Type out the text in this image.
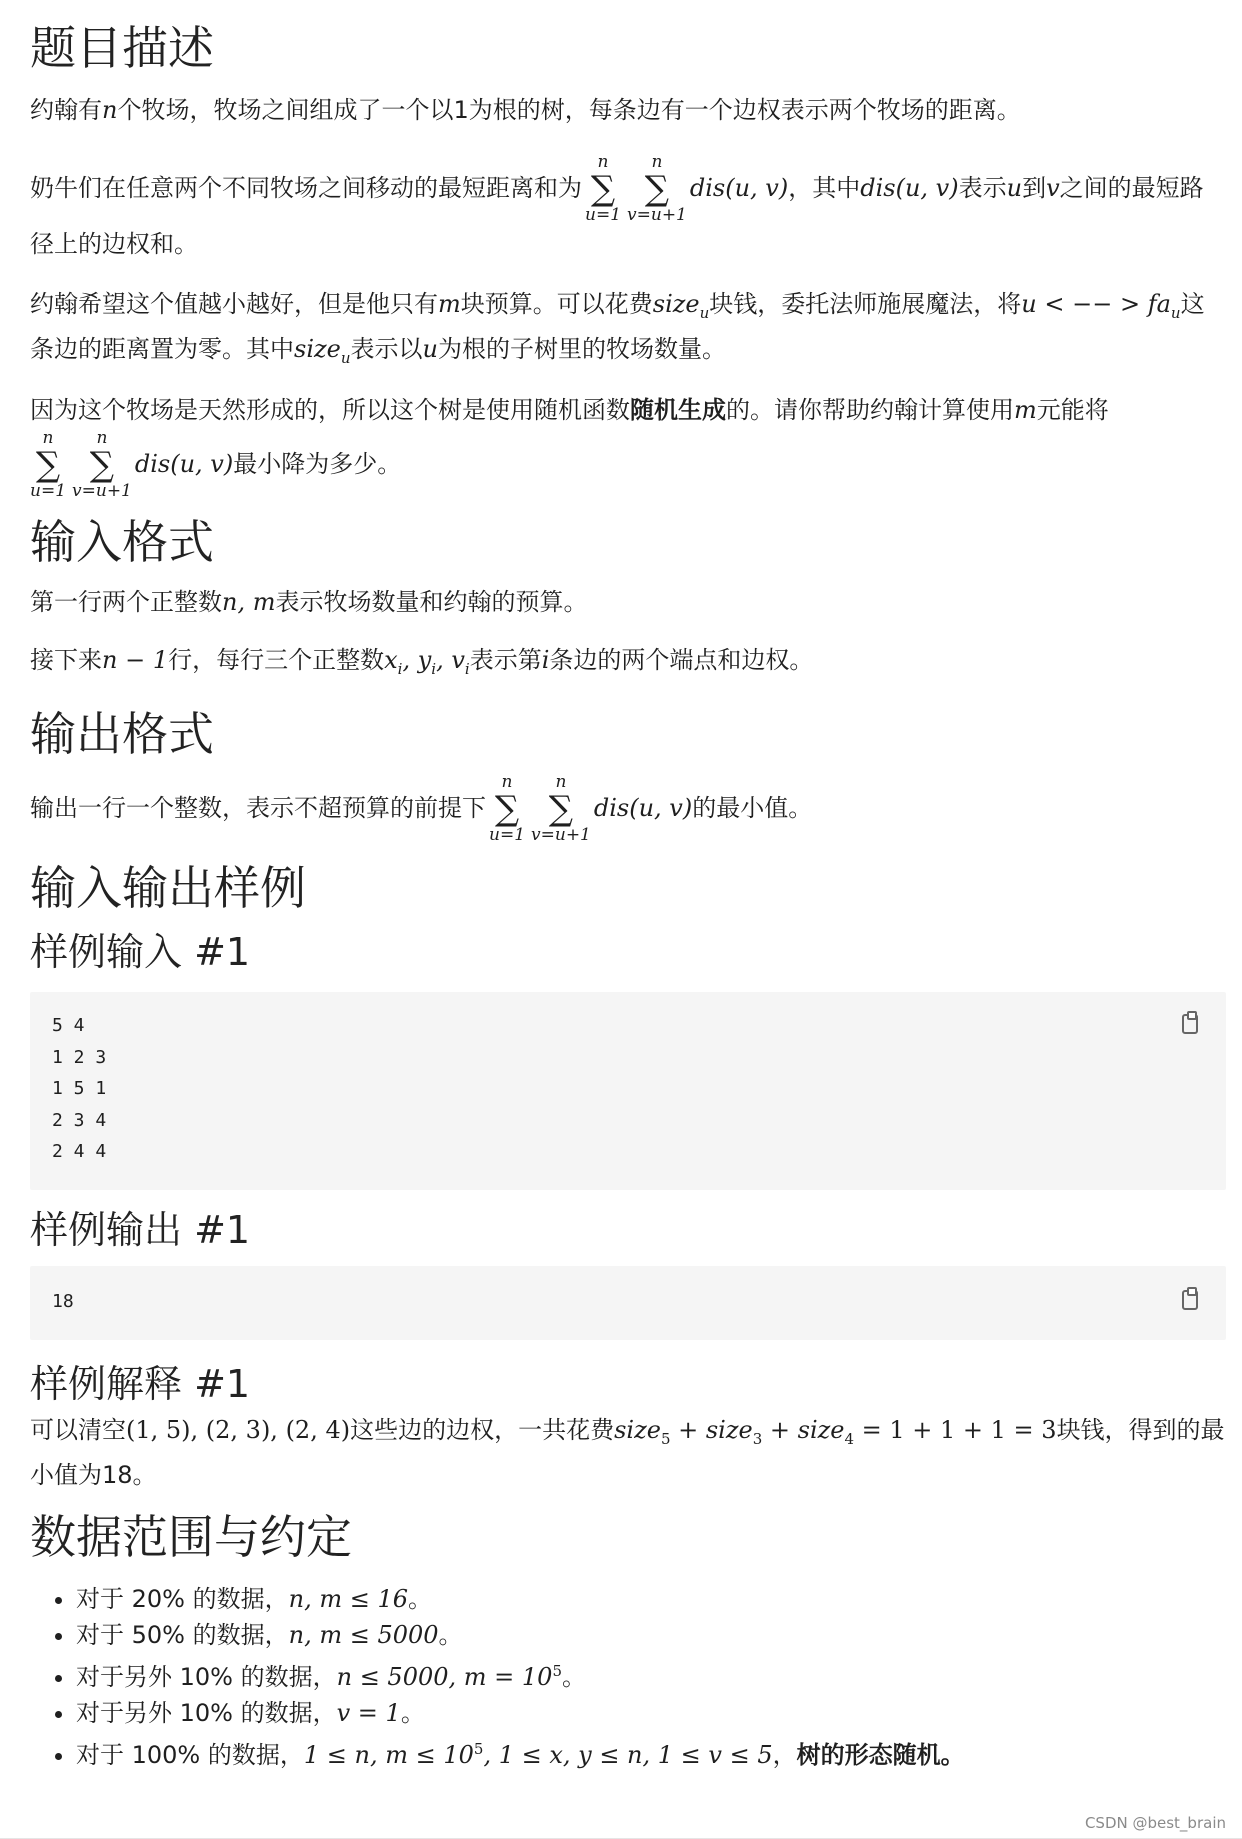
题目描述

约翰有n个牧场，牧场之间组成了一个以1为根的树，每条边有一个边权表示两个牧场的距离。

奶牛们在任意两个不同牧场之间移动的最短距离和为
n
∑
u=1
n
∑
v=u+1
dis(u, v)，其中dis(u, v)表示u到v之间的最短路径上的边权和。

约翰希望这个值越小越好，但是他只有m块预算。可以花费size$_u$块钱，委托法师施展魔法，将u < −− > $fa_u$这条边的距离置为零。其中size$_u$表示以u为根的子树里的牧场数量。

因为这个牧场是天然形成的，所以这个树是使用随机函数随机生成的。请你帮助约翰计算使用m元能将

n
∑
u=1
n
∑
v=u+1
dis(u, v)最小降为多少。

输入格式

第一行两个正整数n, m表示牧场数量和约翰的预算。

接下来n − 1行，每行三个正整数$x_i$, $y_i$, $v_i$表示第i条边的两个端点和边权。

输出格式

输出一行一个整数，表示不超预算的前提下
n
∑
u=1
n
∑
v=u+1
dis(u, v)的最小值。

输入输出样例
样例输入 #1
5 4
1 2 3
1 5 1
2 3 4
2 4 4
样例输出 #1
18
样例解释 #1

可以清空(1, 5), (2, 3), (2, 4)这些边的边权，一共花费size$_5$ + size$_3$ + size$_4$ = 1 + 1 + 1 = 3块钱，得到的最小值为18。

数据范围与约定
• 对于 20% 的数据，n, m ≤ 16。
• 对于 50% 的数据，n, m ≤ 5000。
• 对于另外 10% 的数据，n ≤ 5000, $m = 10^5$。
• 对于另外 10% 的数据，v = 1。
• 对于 100% 的数据，1 ≤ n, $m \le 10^5$, 1 ≤ x, y ≤ n, 1 ≤ v ≤ 5，树的形态随机。
CSDN @best_brain
